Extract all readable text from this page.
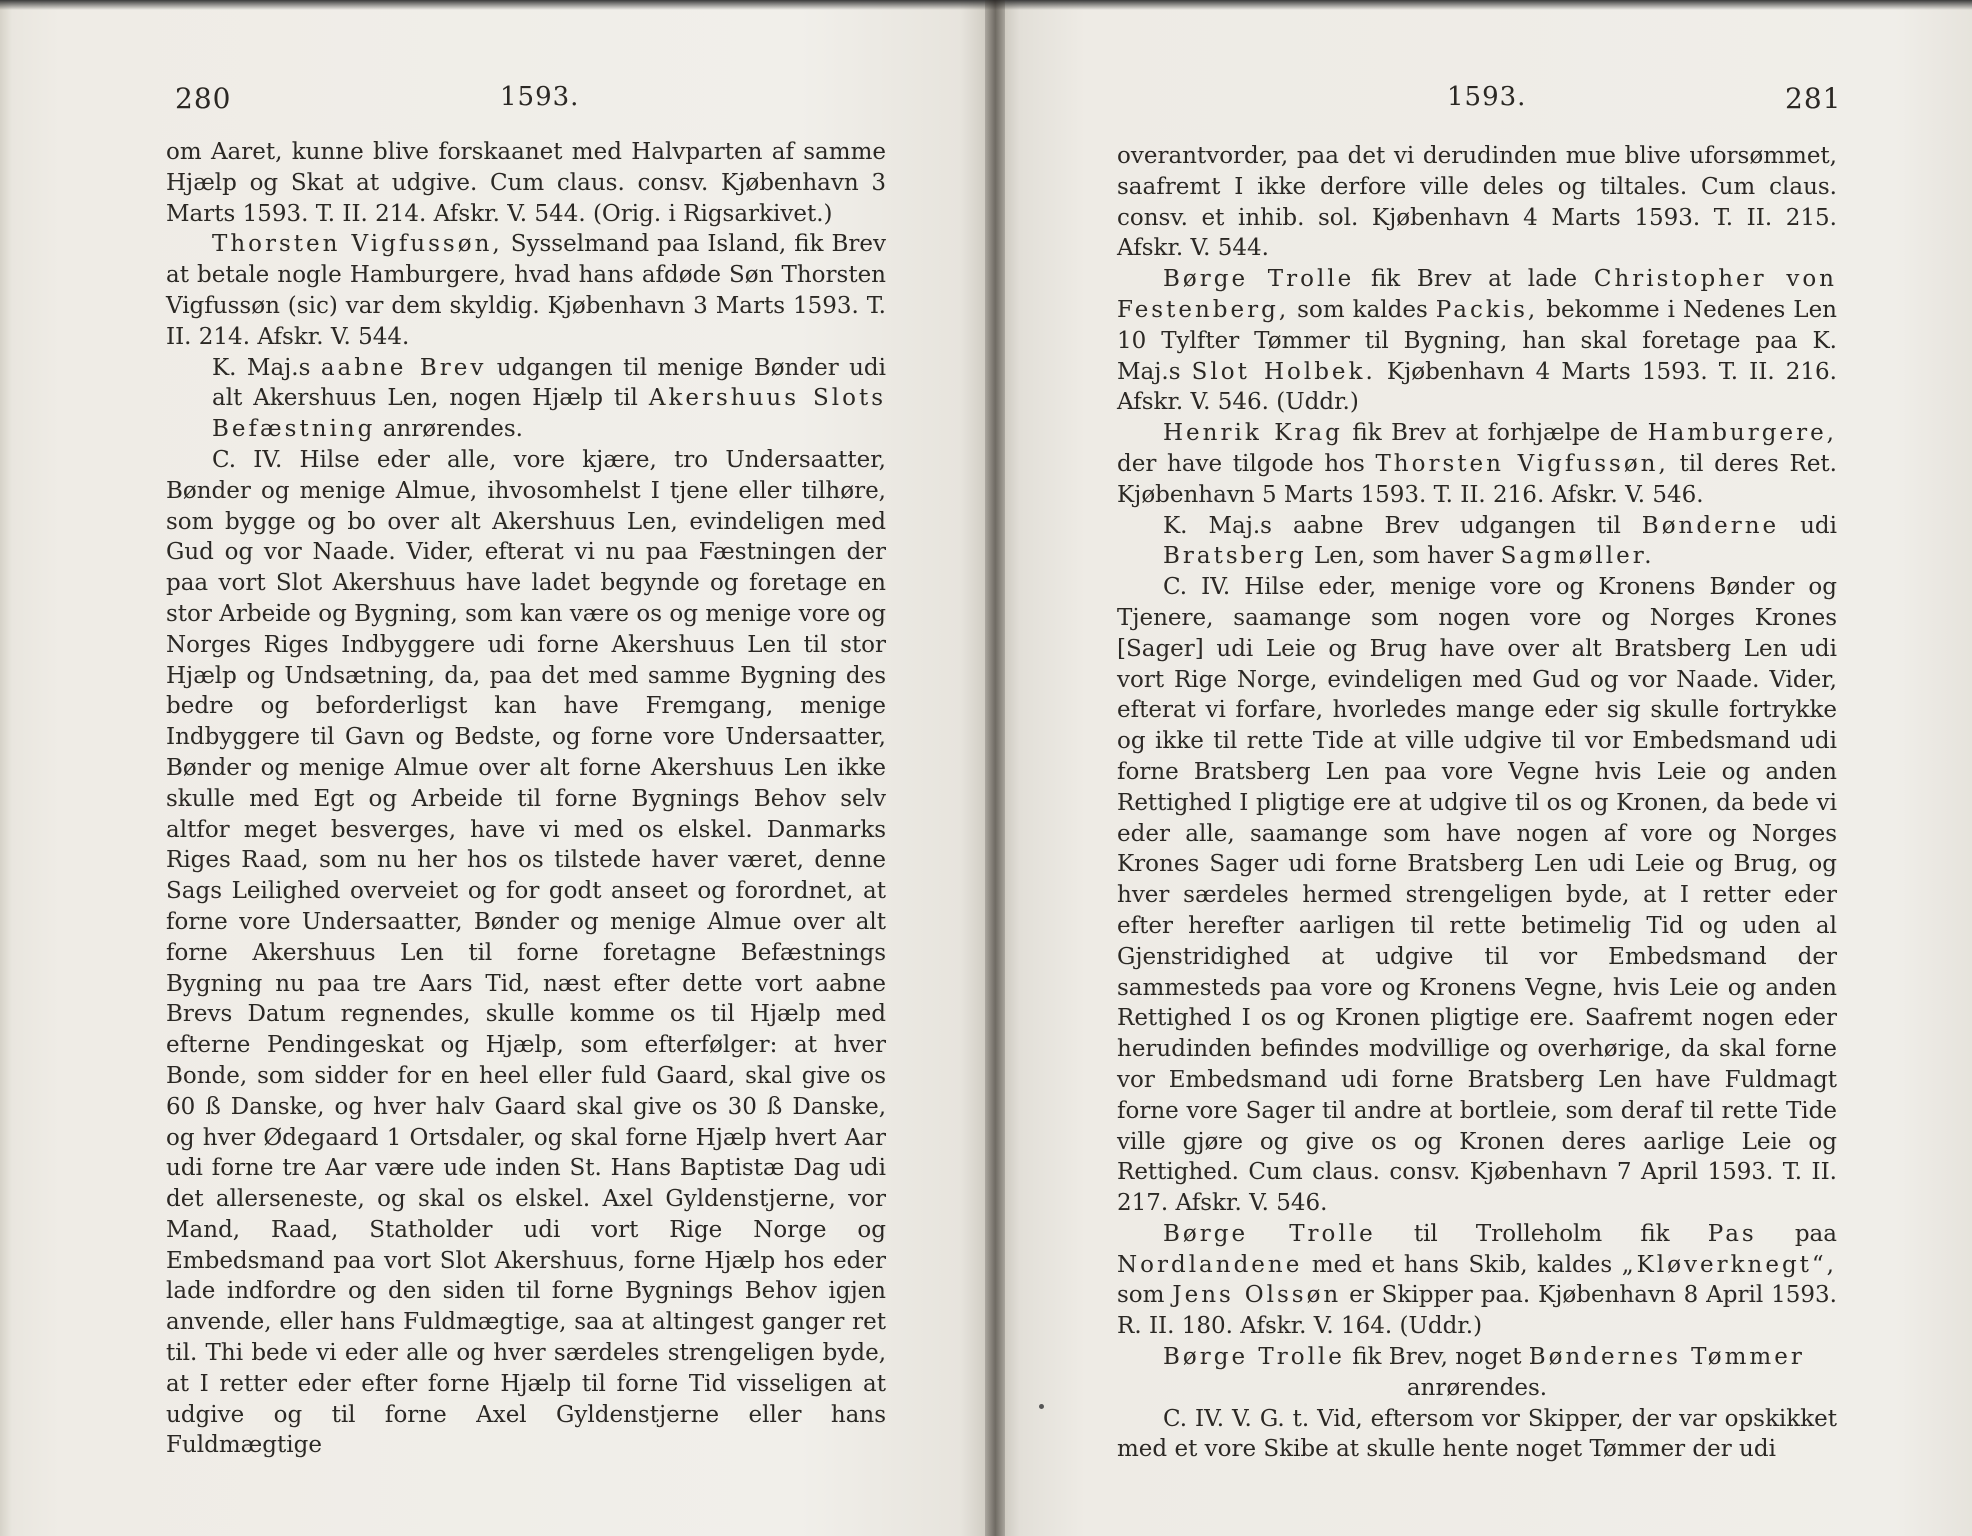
280	1593.

om Aaret, kunne blive forskaanet med Halvparten af samme Hjælp og Skat at udgive. Cum claus. consv. Kjøbenhavn 3 Marts 1593. T. II. 214. Afskr. V. 544. (Orig. i Rigsarkivet.)

Thorsten Vigfussøn, Sysselmand paa Island, fik Brev at betale nogle Hamburgere, hvad hans afdøde Søn Thorsten Vigfussøn (sic) var dem skyldig. Kjøbenhavn 3 Marts 1593. T. II. 214. Afskr. V. 544.

K. Maj.s aabne Brev udgangen til menige Bønder udi alt Akershuus Len, nogen Hjælp til Akershuus Slots Befæstning anrørendes.

C. IV. Hilse eder alle, vore kjære, tro Undersaatter, Bønder og menige Almue, ihvosomhelst I tjene eller tilhøre, som bygge og bo over alt Akershuus Len, evindeligen med Gud og vor Naade. Vider, efterat vi nu paa Fæstningen der paa vort Slot Akershuus have ladet begynde og foretage en stor Arbeide og Bygning, som kan være os og menige vore og Norges Riges Indbyggere udi forne Akershuus Len til stor Hjælp og Undsætning, da, paa det med samme Bygning des bedre og beforderligst kan have Fremgang, menige Indbyggere til Gavn og Bedste, og forne vore Undersaatter, Bønder og menige Almue over alt forne Akershuus Len ikke skulle med Egt og Arbeide til forne Bygnings Behov selv altfor meget besverges, have vi med os elskel. Danmarks Riges Raad, som nu her hos os tilstede haver været, denne Sags Leilighed overveiet og for godt anseet og forordnet, at forne vore Undersaatter, Bønder og menige Almue over alt forne Akershuus Len til forne foretagne Befæstnings Bygning nu paa tre Aars Tid, næst efter dette vort aabne Brevs Datum regnendes, skulle komme os til Hjælp med efterne Pendingeskat og Hjælp, som efterfølger: at hver Bonde, som sidder for en heel eller fuld Gaard, skal give os 60 ß Danske, og hver halv Gaard skal give os 30 ß Danske, og hver Ødegaard 1 Ortsdaler, og skal forne Hjælp hvert Aar udi forne tre Aar være ude inden St. Hans Baptistæ Dag udi det allerseneste, og skal os elskel. Axel Gyldenstjerne, vor Mand, Raad, Statholder udi vort Rige Norge og Embedsmand paa vort Slot Akershuus, forne Hjælp hos eder lade indfordre og den siden til forne Bygnings Behov igjen anvende, eller hans Fuldmægtige, saa at altingest ganger ret til. Thi bede vi eder alle og hver særdeles strengeligen byde, at I retter eder efter forne Hjælp til forne Tid visseligen at udgive og til forne Axel Gyldenstjerne eller hans Fuldmægtige

1593.	281

overantvorder, paa det vi derudinden mue blive uforsømmet, saafremt I ikke derfore ville deles og tiltales. Cum claus. consv. et inhib. sol. Kjøbenhavn 4 Marts 1593. T. II. 215. Afskr. V. 544.

Børge Trolle fik Brev at lade Christopher von Festenberg, som kaldes Packis, bekomme i Nedenes Len 10 Tylfter Tømmer til Bygning, han skal foretage paa K. Maj.s Slot Holbek. Kjøbenhavn 4 Marts 1593. T. II. 216. Afskr. V. 546. (Uddr.)

Henrik Krag fik Brev at forhjælpe de Hamburgere, der have tilgode hos Thorsten Vigfussøn, til deres Ret. Kjøbenhavn 5 Marts 1593. T. II. 216. Afskr. V. 546.

K. Maj.s aabne Brev udgangen til Bønderne udi Bratsberg Len, som haver Sagmøller.

C. IV. Hilse eder, menige vore og Kronens Bønder og Tjenere, saamange som nogen vore og Norges Krones [Sager] udi Leie og Brug have over alt Bratsberg Len udi vort Rige Norge, evindeligen med Gud og vor Naade. Vider, efterat vi forfare, hvorledes mange eder sig skulle fortrykke og ikke til rette Tide at ville udgive til vor Embedsmand udi forne Bratsberg Len paa vore Vegne hvis Leie og anden Rettighed I pligtige ere at udgive til os og Kronen, da bede vi eder alle, saamange som have nogen af vore og Norges Krones Sager udi forne Bratsberg Len udi Leie og Brug, og hver særdeles hermed strengeligen byde, at I retter eder efter herefter aarligen til rette betimelig Tid og uden al Gjenstridighed at udgive til vor Embedsmand der sammesteds paa vore og Kronens Vegne, hvis Leie og anden Rettighed I os og Kronen pligtige ere. Saafremt nogen eder herudinden befindes modvillige og overhørige, da skal forne vor Embedsmand udi forne Bratsberg Len have Fuldmagt forne vore Sager til andre at bortleie, som deraf til rette Tide ville gjøre og give os og Kronen deres aarlige Leie og Rettighed. Cum claus. consv. Kjøbenhavn 7 April 1593. T. II. 217. Afskr. V. 546.

Børge Trolle til Trolleholm fik Pas paa Nordlandene med et hans Skib, kaldes „Kløverknegt“, som Jens Olssøn er Skipper paa. Kjøbenhavn 8 April 1593. R. II. 180. Afskr. V. 164. (Uddr.)

Børge Trolle fik Brev, noget Bøndernes Tømmer

anrørendes.

C. IV. V. G. t. Vid, eftersom vor Skipper, der var opskikket med et vore Skibe at skulle hente noget Tømmer der udi
